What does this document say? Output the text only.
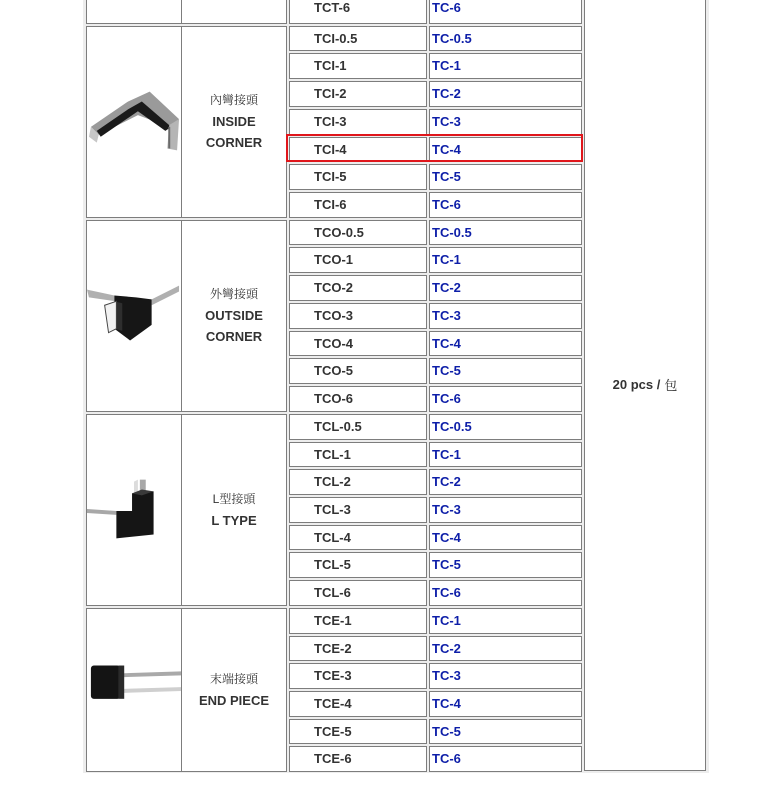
20 pcs / 包
TCT-6	TC-6
內彎接頭
INSIDE
CORNER
TCI-0.5	TC-0.5
TCI-1	TC-1
TCI-2	TC-2
TCI-3	TC-3
TCI-4	TC-4
TCI-5	TC-5
TCI-6	TC-6
外彎接頭
OUTSIDE
CORNER
TCO-0.5	TC-0.5
TCO-1	TC-1
TCO-2	TC-2
TCO-3	TC-3
TCO-4	TC-4
TCO-5	TC-5
TCO-6	TC-6
L型接頭
L TYPE
TCL-0.5	TC-0.5
TCL-1	TC-1
TCL-2	TC-2
TCL-3	TC-3
TCL-4	TC-4
TCL-5	TC-5
TCL-6	TC-6
末端接頭
END PIECE
TCE-1	TC-1
TCE-2	TC-2
TCE-3	TC-3
TCE-4	TC-4
TCE-5	TC-5
TCE-6	TC-6
